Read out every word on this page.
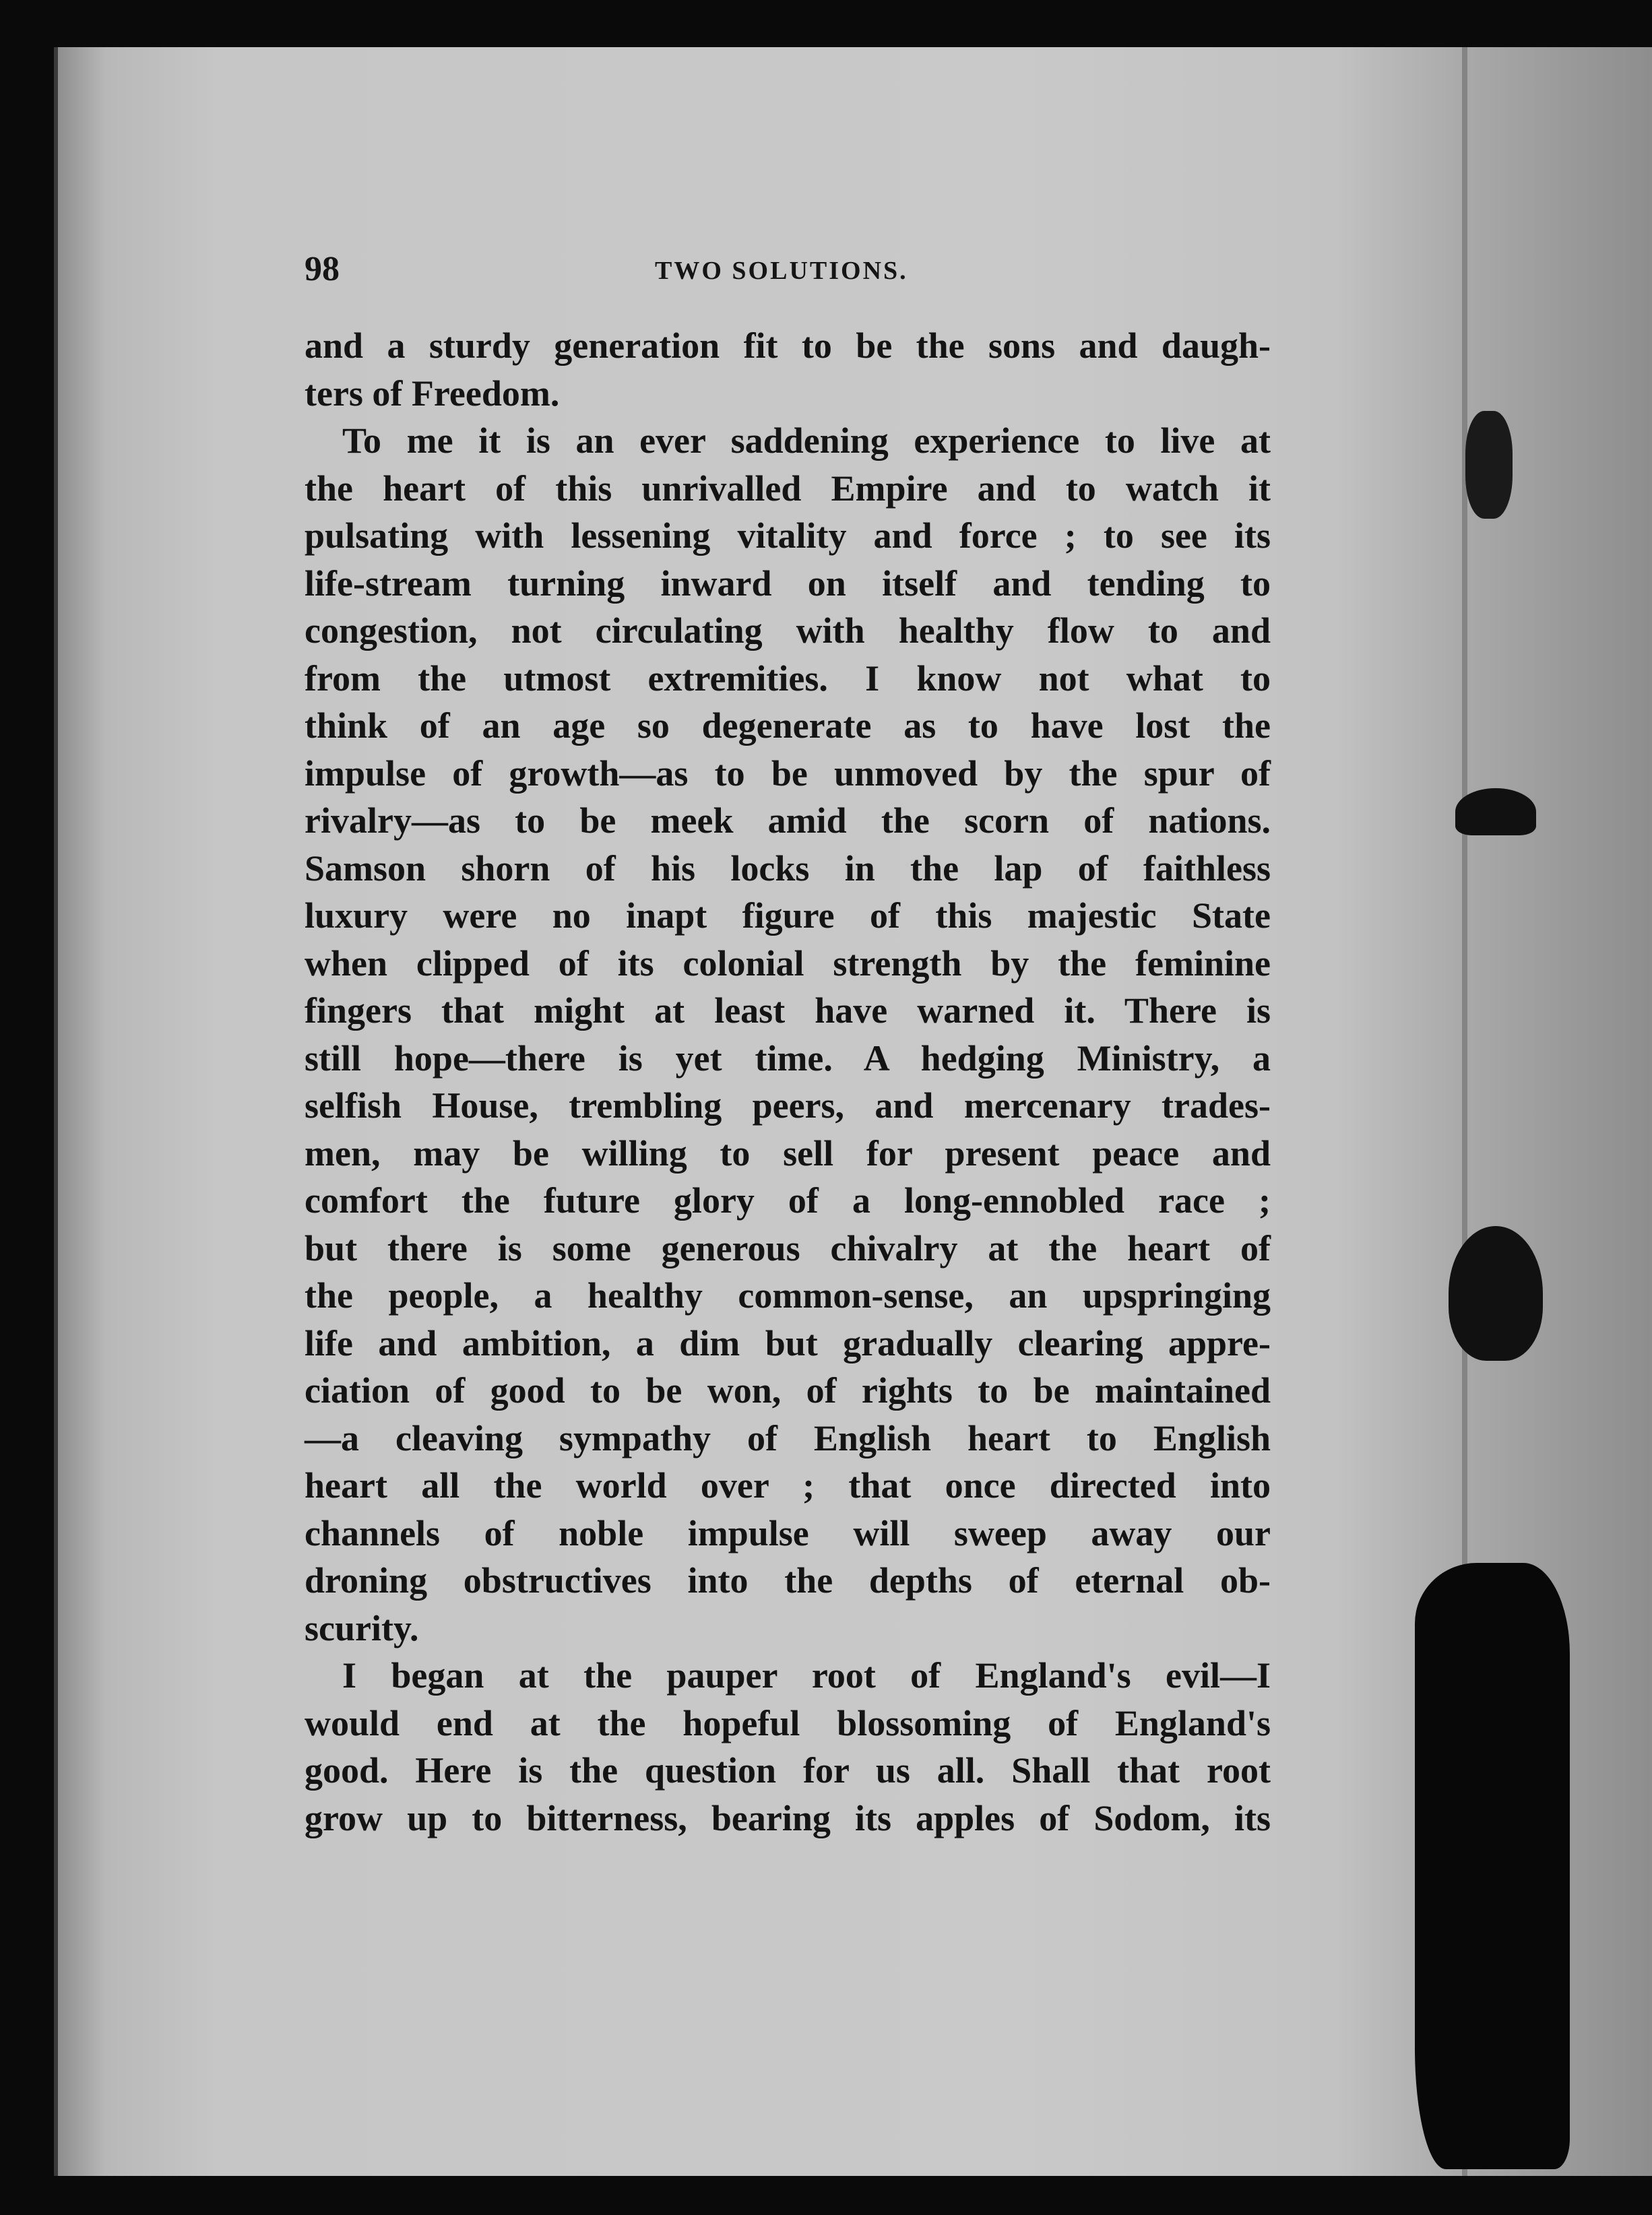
98	TWO SOLUTIONS.
and a sturdy generation fit to be the sons and daugh-
ters of Freedom.
To me it is an ever saddening experience to live at
the heart of this unrivalled Empire and to watch it
pulsating with lessening vitality and force ; to see its
life-stream turning inward on itself and tending to
congestion, not circulating with healthy flow to and
from the utmost extremities. I know not what to
think of an age so degenerate as to have lost the
impulse of growth—as to be unmoved by the spur of
rivalry—as to be meek amid the scorn of nations.
Samson shorn of his locks in the lap of faithless
luxury were no inapt figure of this majestic State
when clipped of its colonial strength by the feminine
fingers that might at least have warned it. There is
still hope—there is yet time. A hedging Ministry, a
selfish House, trembling peers, and mercenary trades-
men, may be willing to sell for present peace and
comfort the future glory of a long-ennobled race ;
but there is some generous chivalry at the heart of
the people, a healthy common-sense, an upspringing
life and ambition, a dim but gradually clearing appre-
ciation of good to be won, of rights to be maintained
—a cleaving sympathy of English heart to English
heart all the world over ; that once directed into
channels of noble impulse will sweep away our
droning obstructives into the depths of eternal ob-
scurity.
I began at the pauper root of England's evil—I
would end at the hopeful blossoming of England's
good. Here is the question for us all. Shall that root
grow up to bitterness, bearing its apples of Sodom, its
